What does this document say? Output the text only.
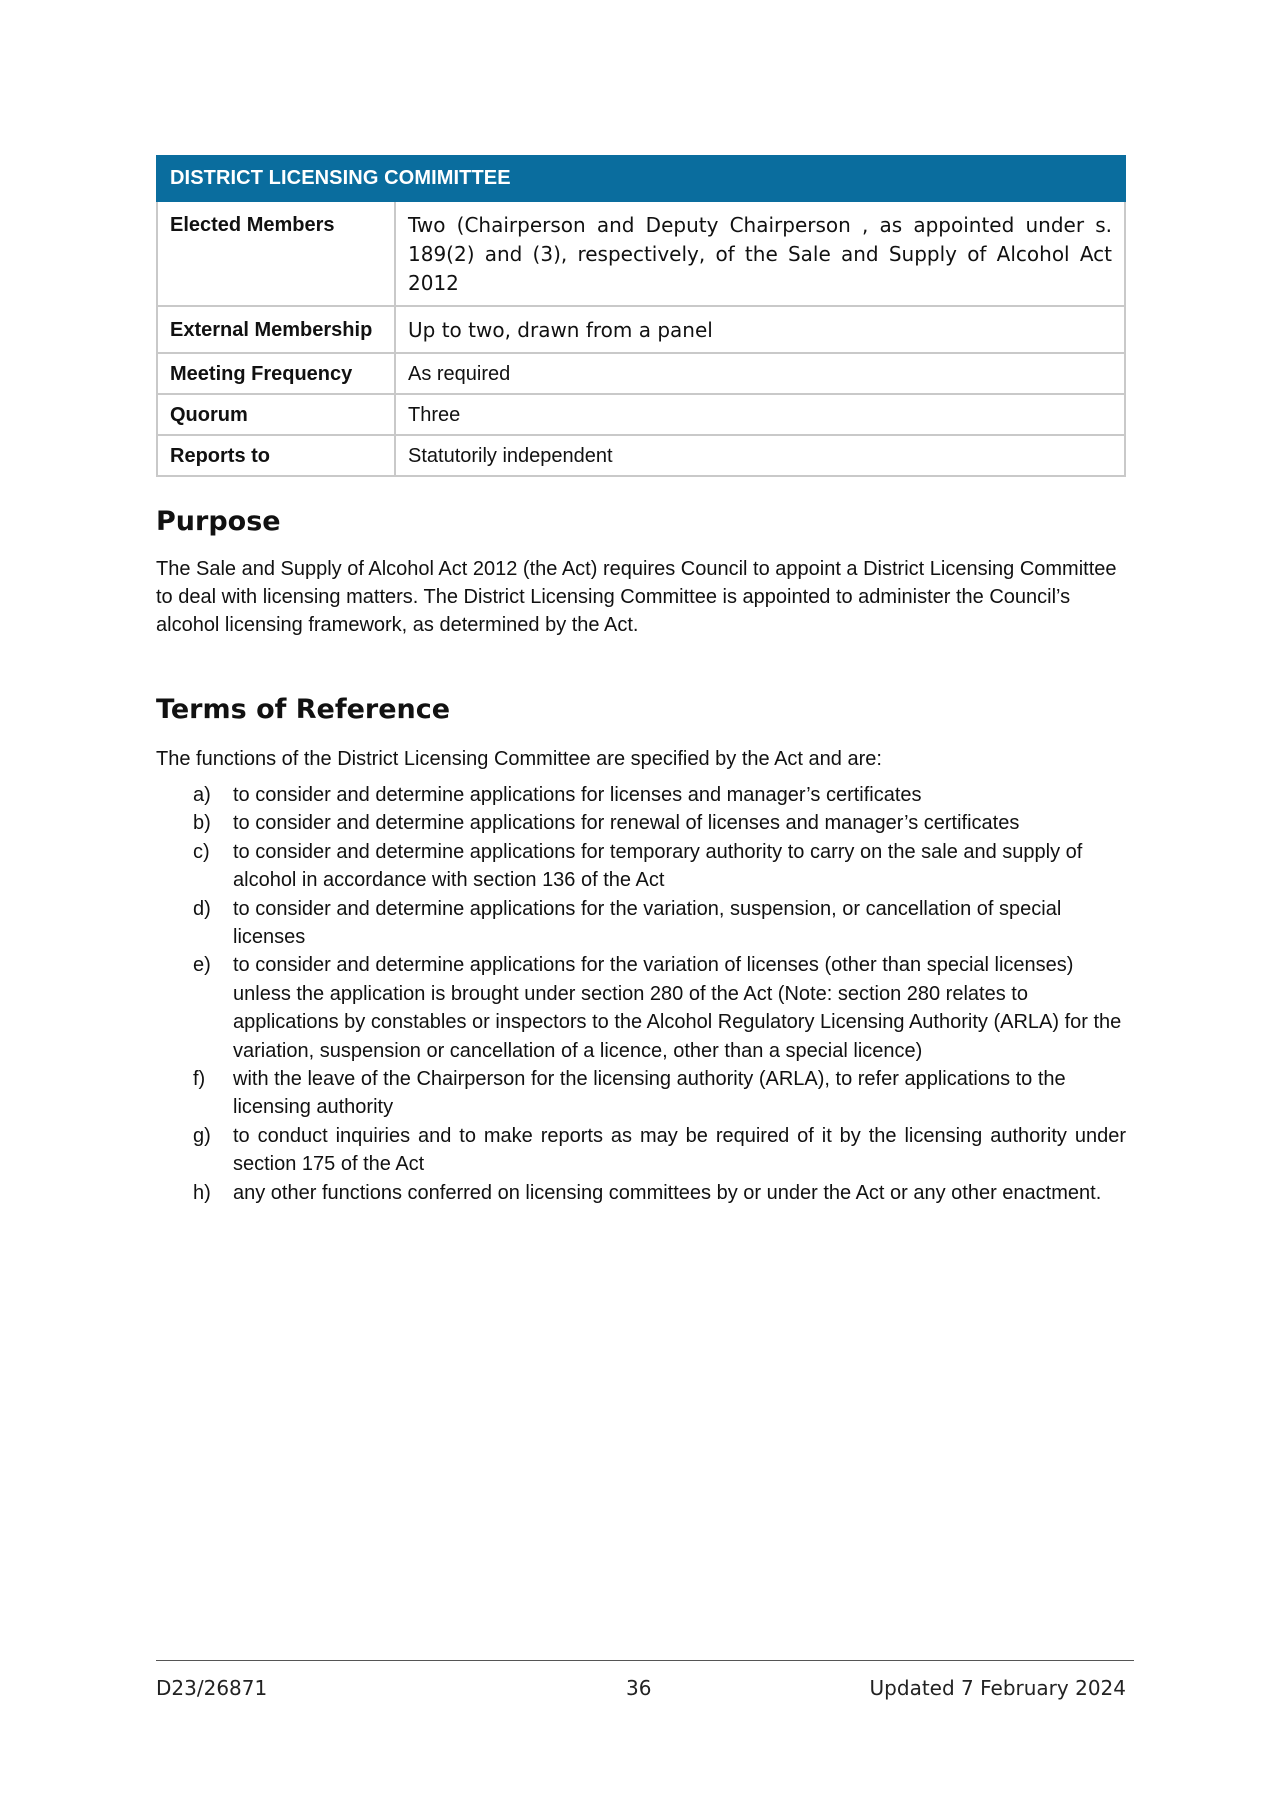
DISTRICT LICENSING COMIMITTEE	
Elected Members	Two (Chairperson and Deputy Chairperson , as appointed under s. 189(2) and (3), respectively, of the Sale and Supply of Alcohol Act 2012
External Membership	Up to two, drawn from a panel
Meeting Frequency	As required
Quorum	Three
Reports to	Statutorily independent
Purpose

The Sale and Supply of Alcohol Act 2012 (the Act) requires Council to appoint a District Licensing Committee to deal with licensing matters. The District Licensing Committee is appointed to administer the Council’s alcohol licensing framework, as determined by the Act.

Terms of Reference

The functions of the District Licensing Committee are specified by the Act and are:

a) to consider and determine applications for licenses and manager’s certificates
b) to consider and determine applications for renewal of licenses and manager’s certificates
c) to consider and determine applications for temporary authority to carry on the sale and supply of alcohol in accordance with section 136 of the Act
d) to consider and determine applications for the variation, suspension, or cancellation of special licenses
e) to consider and determine applications for the variation of licenses (other than special licenses) unless the application is brought under section 280 of the Act (Note: section 280 relates to applications by constables or inspectors to the Alcohol Regulatory Licensing Authority (ARLA) for the variation, suspension or cancellation of a licence, other than a special licence)
f) with the leave of the Chairperson for the licensing authority (ARLA), to refer applications to the licensing authority
g) to conduct inquiries and to make reports as may be required of it by the licensing authority under section 175 of the Act
h) any other functions conferred on licensing committees by or under the Act or any other enactment.
D23/26871	36	Updated 7 February 2024
